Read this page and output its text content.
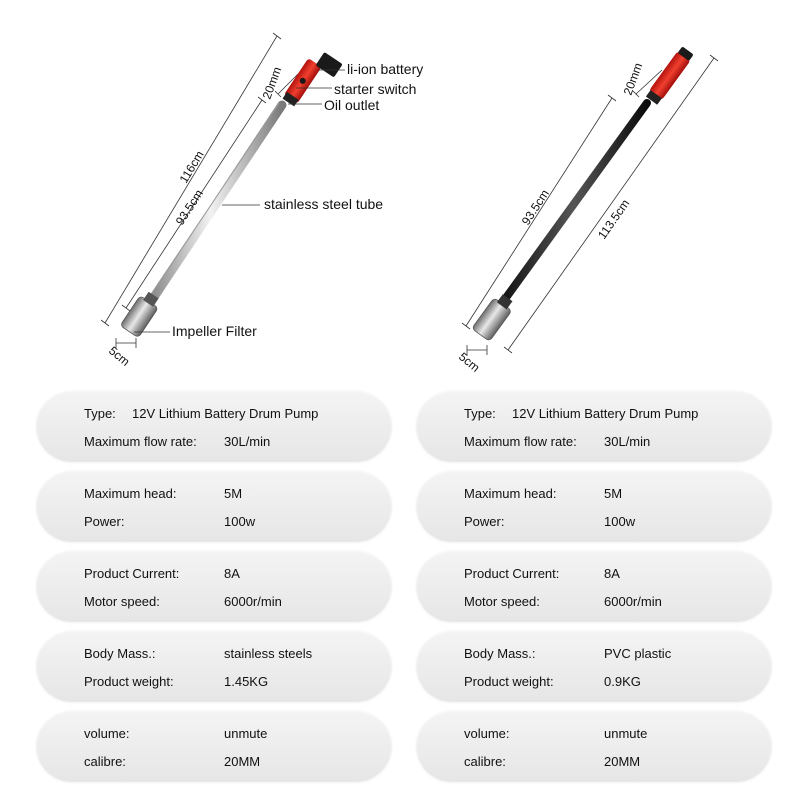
li-ion battery
starter switch
Oil outlet
stainless steel tube
Impeller Filter
116cm
93.5cm
20mm
5cm
20mm
93.5cm	113.5cm
5cm
Type: 12V Lithium Battery Drum Pump
Maximum flow rate: 30L/min
Maximum head:	5M
Power:	100w
Product Current:	8A
Motor speed:	6000r/min
Body Mass.:	stainless steels
Product weight:	1.45KG
volume:	unmute
calibre:	20MM
Type: 12V Lithium Battery Drum Pump
Maximum flow rate: 30L/min
Maximum head:	5M
Power:	100w
Product Current:	8A
Motor speed:	6000r/min
Body Mass.:	PVC plastic
Product weight:	0.9KG
volume:	unmute
calibre:	20MM
